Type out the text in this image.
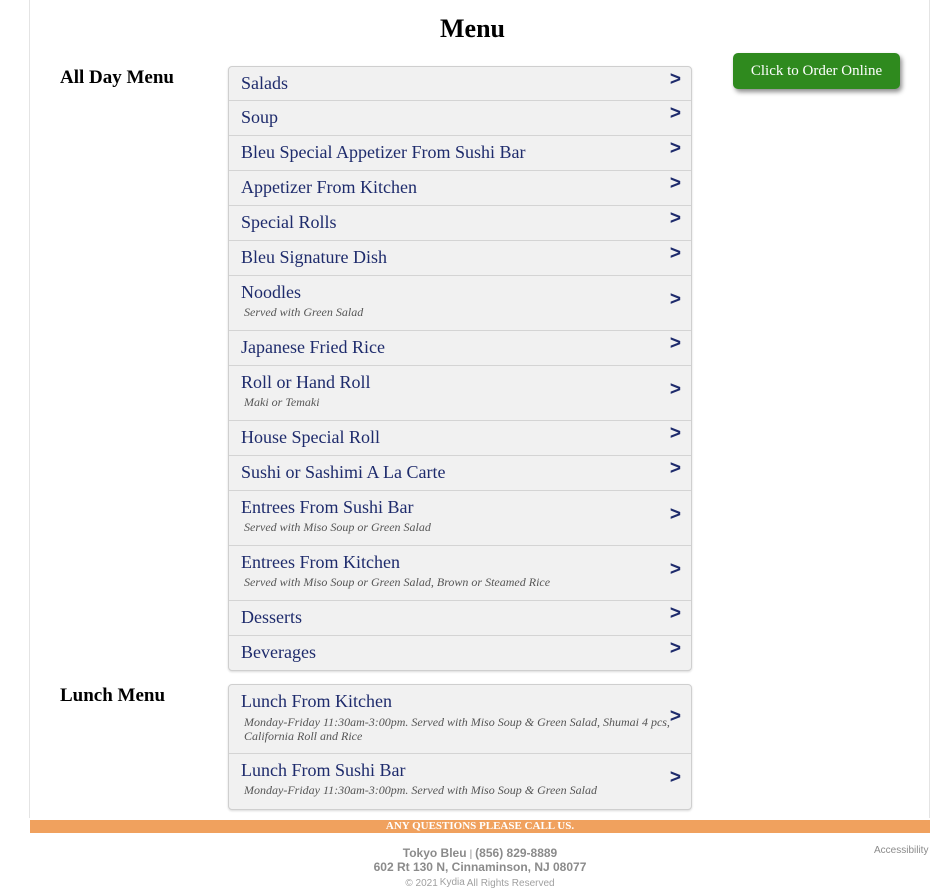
Menu
Click to Order Online
All Day Menu	Salads	>
Soup	>
Bleu Special Appetizer From Sushi Bar	>
Appetizer From Kitchen	>
Special Rolls	>
Bleu Signature Dish	>
Noodles
Served with Green Salad
>
Japanese Fried Rice	>
Roll or Hand Roll
Maki or Temaki
>
House Special Roll	>
Sushi or Sashimi A La Carte	>
Entrees From Sushi Bar
Served with Miso Soup or Green Salad
>
Entrees From Kitchen
Served with Miso Soup or Green Salad, Brown or Steamed Rice
>
Desserts	>
Beverages	>
Lunch Menu	Lunch From Kitchen
Monday-Friday 11:30am-3:00pm. Served with Miso Soup & Green Salad, Shumai 4 pcs, California Roll and Rice
>
Lunch From Sushi Bar
Monday-Friday 11:30am-3:00pm. Served with Miso Soup & Green Salad
>
ANY QUESTIONS PLEASE CALL US.
Tokyo Bleu | (856) 829-8889
602 Rt 130 N, Cinnaminson, NJ 08077
© 2021 Kydia All Rights Reserved
Accessibility
